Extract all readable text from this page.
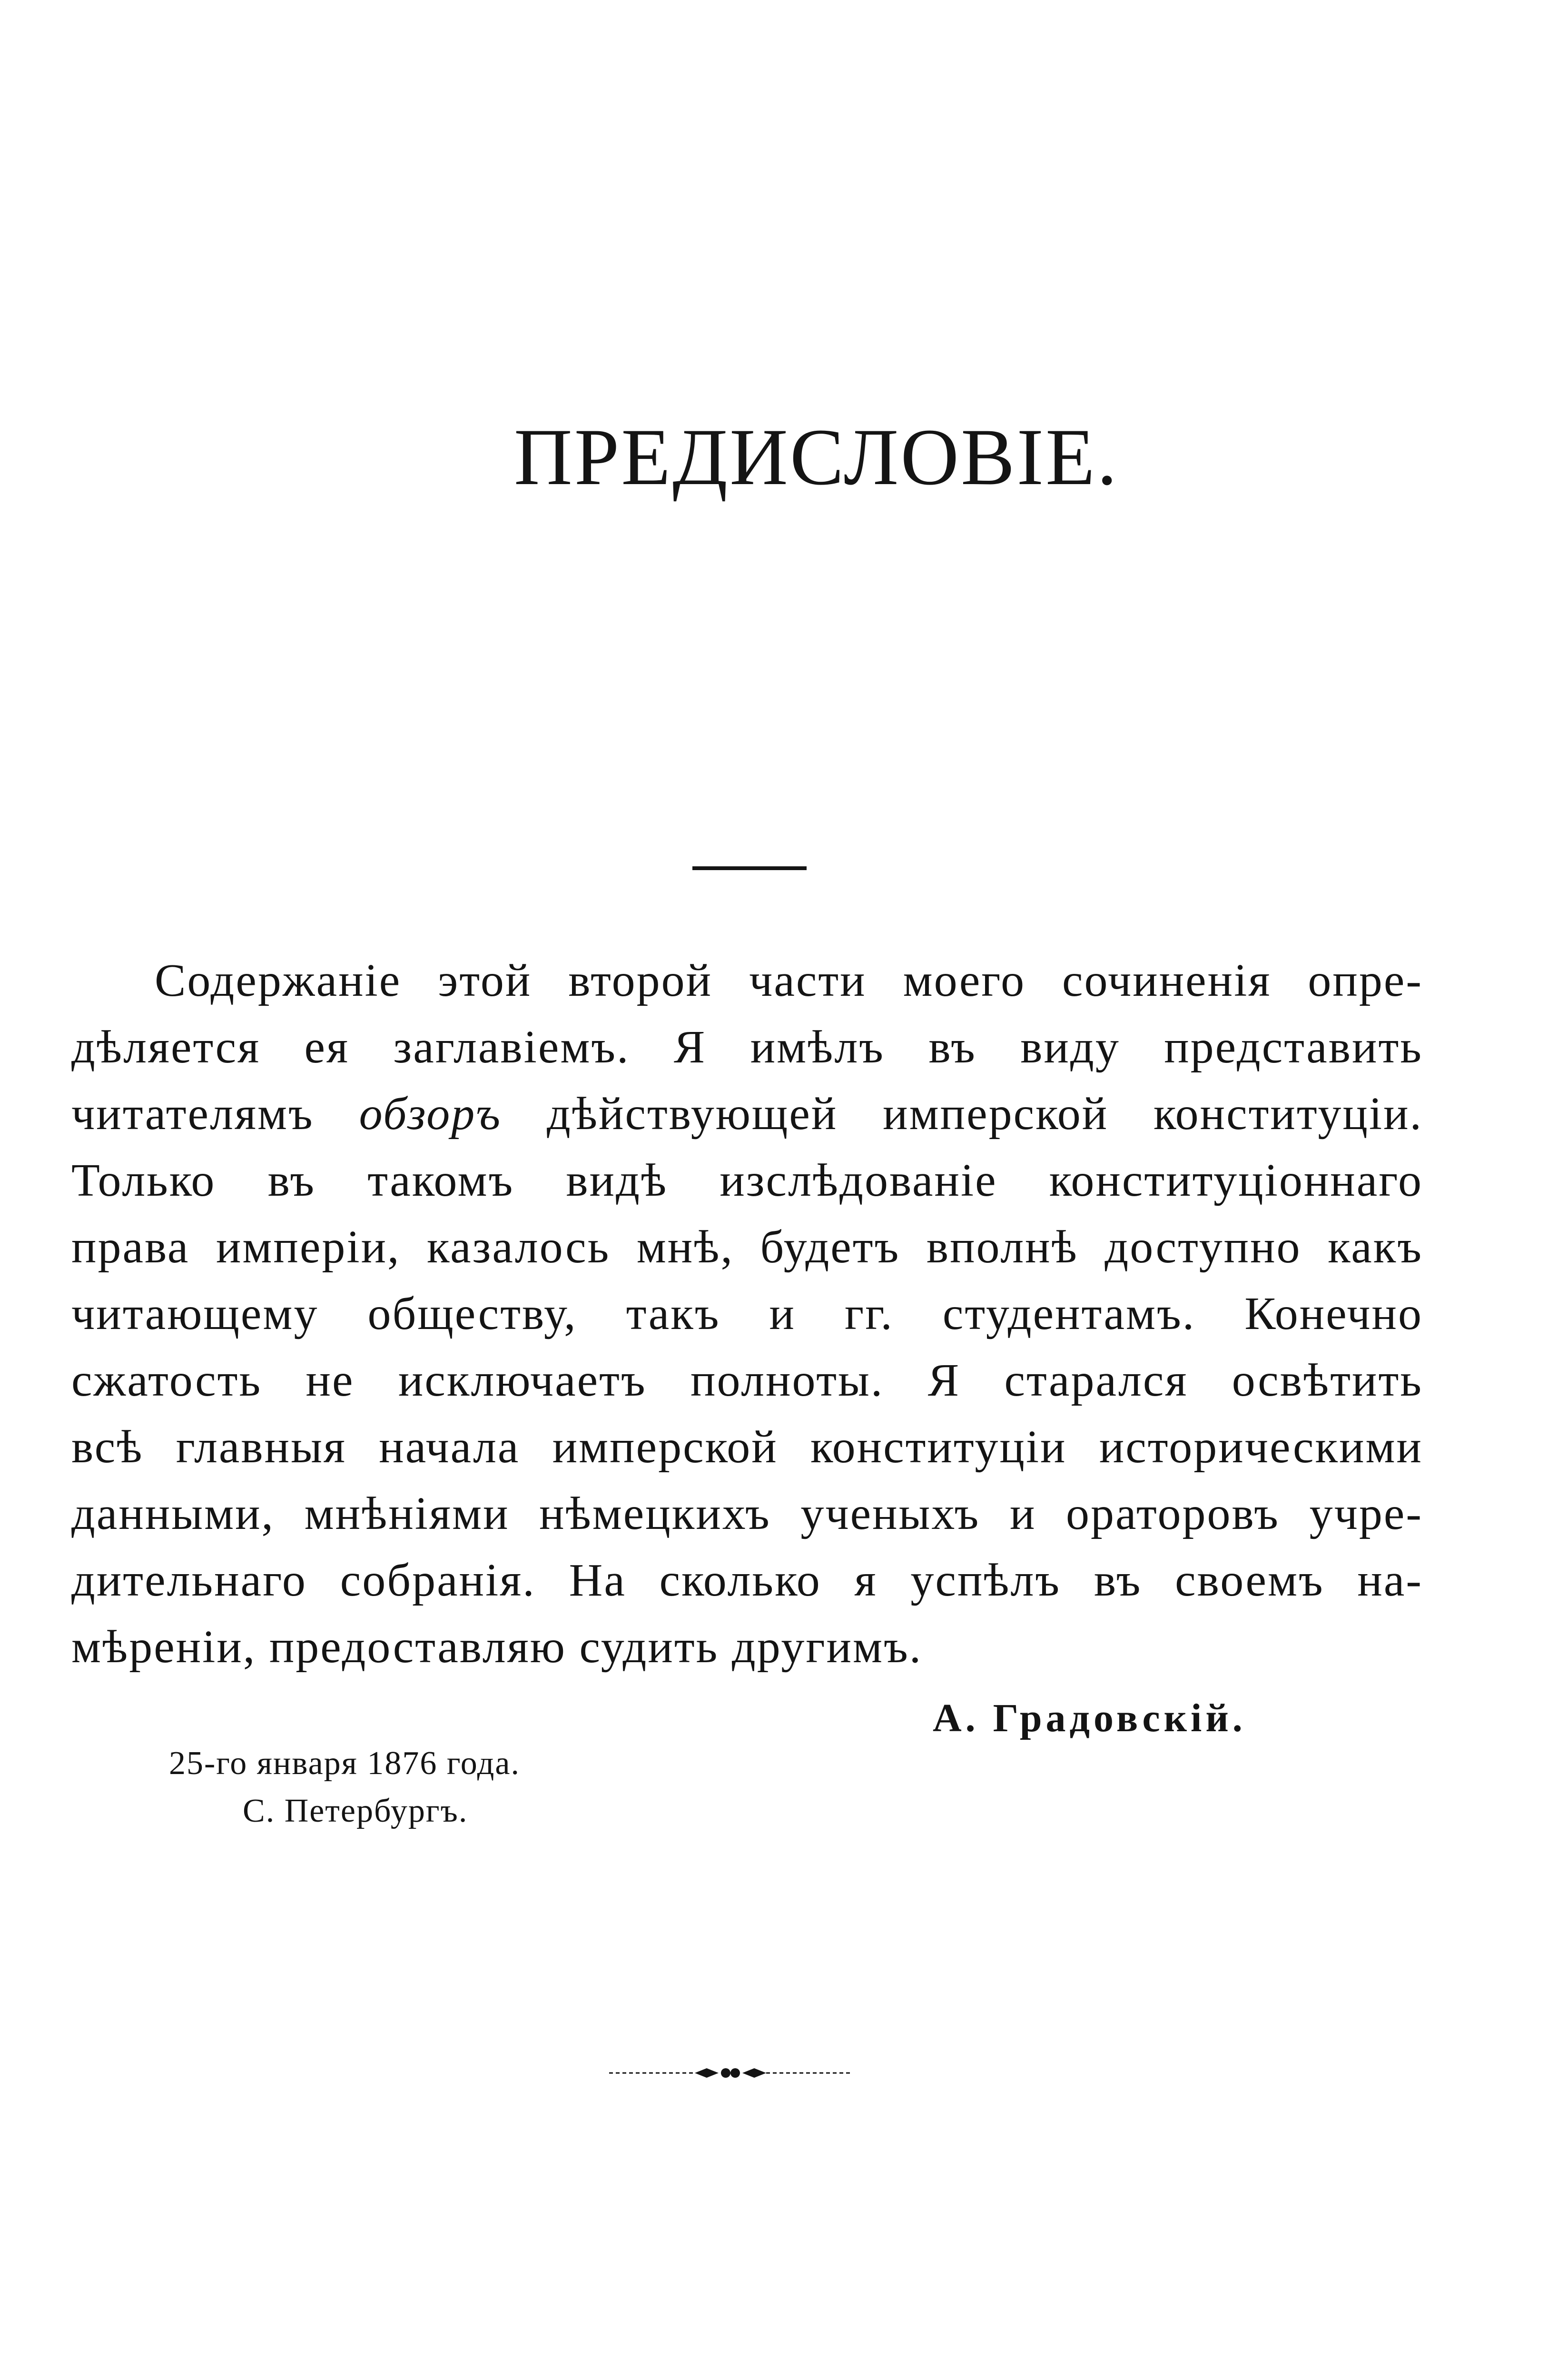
ПРЕДИСЛОВІЕ.
Содержаніе этой второй части моего сочиненія опре-
дѣляется ея заглавіемъ. Я имѣлъ въ виду представить
читателямъ обзоръ дѣйствующей имперской конституціи.
Только въ такомъ видѣ изслѣдованіе конституціоннаго
права имперіи, казалось мнѣ, будетъ вполнѣ доступно какъ
читающему обществу, такъ и гг. студентамъ. Конечно
сжатость не исключаетъ полноты. Я старался освѣтить
всѣ главныя начала имперской конституціи историческими
данными, мнѣніями нѣмецкихъ ученыхъ и ораторовъ учре-
дительнаго собранія. На сколько я успѣлъ въ своемъ на-
мѣреніи, предоставляю судить другимъ.
А. Градовскій.
25-го января 1876 года.
С. Петербургъ.
